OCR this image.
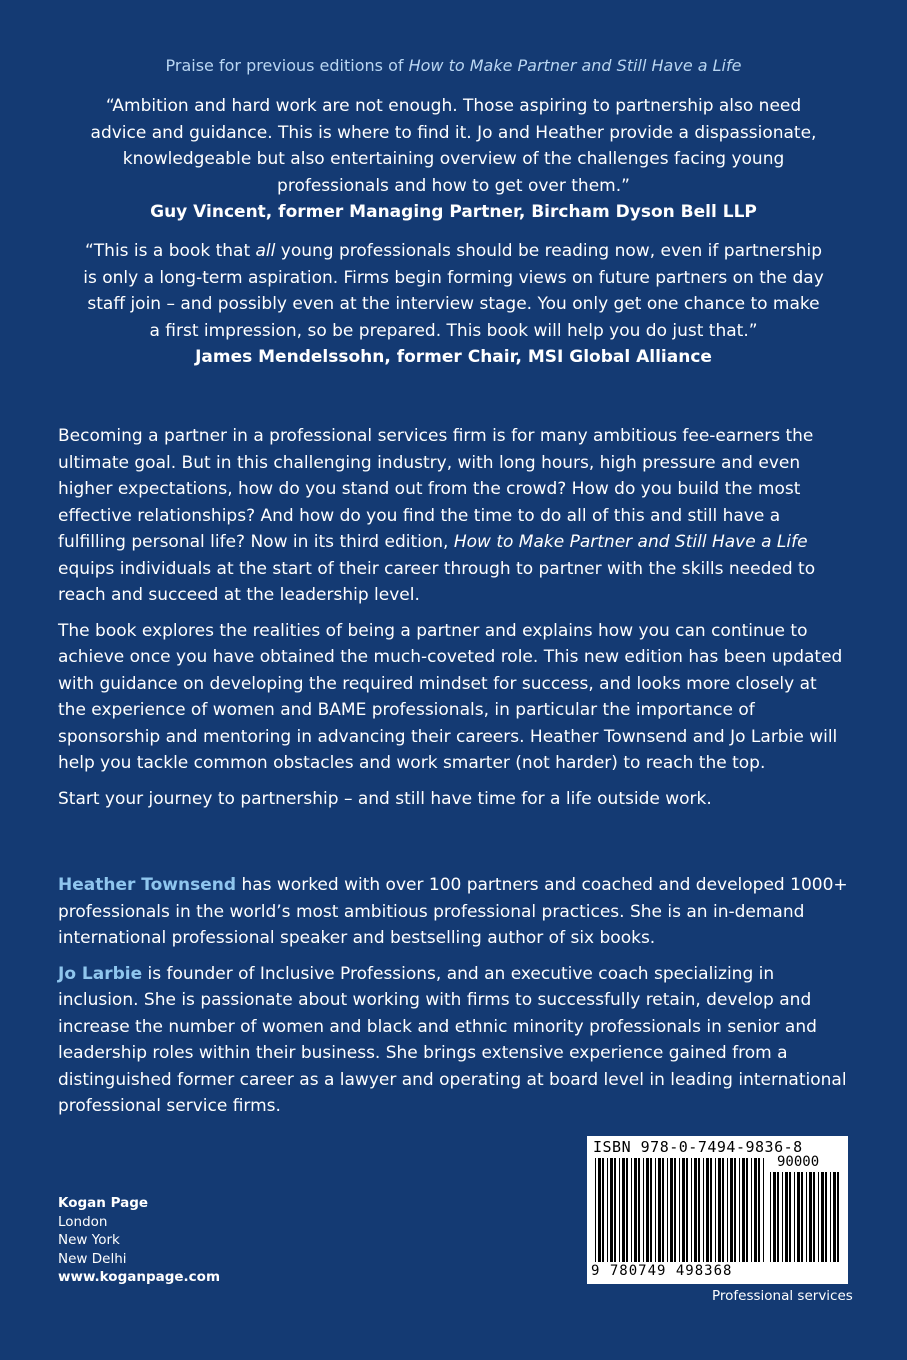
Praise for previous editions of How to Make Partner and Still Have a Life
“Ambition and hard work are not enough. Those aspiring to partnership also need advice and guidance. This is where to find it. Jo and Heather provide a dispassionate, knowledgeable but also entertaining overview of the challenges facing young professionals and how to get over them.”
Guy Vincent, former Managing Partner, Bircham Dyson Bell LLP
“This is a book that all young professionals should be reading now, even if partnership is only a long-term aspiration. Firms begin forming views on future partners on the day staff join – and possibly even at the interview stage. You only get one chance to make a first impression, so be prepared. This book will help you do just that.”
James Mendelssohn, former Chair, MSI Global Alliance

Becoming a partner in a professional services firm is for many ambitious fee-earners the ultimate goal. But in this challenging industry, with long hours, high pressure and even higher expectations, how do you stand out from the crowd? How do you build the most effective relationships? And how do you find the time to do all of this and still have a fulfilling personal life? Now in its third edition, How to Make Partner and Still Have a Life equips individuals at the start of their career through to partner with the skills needed to reach and succeed at the leadership level.

The book explores the realities of being a partner and explains how you can continue to achieve once you have obtained the much-coveted role. This new edition has been updated with guidance on developing the required mindset for success, and looks more closely at the experience of women and BAME professionals, in particular the importance of sponsorship and mentoring in advancing their careers. Heather Townsend and Jo Larbie will help you tackle common obstacles and work smarter (not harder) to reach the top.

Start your journey to partnership – and still have time for a life outside work.

Heather Townsend has worked with over 100 partners and coached and developed 1000+ professionals in the world’s most ambitious professional practices. She is an in-demand international professional speaker and bestselling author of six books.

Jo Larbie is founder of Inclusive Professions, and an executive coach specializing in inclusion. She is passionate about working with firms to successfully retain, develop and increase the number of women and black and ethnic minority professionals in senior and leadership roles within their business. She brings extensive experience gained from a distinguished former career as a lawyer and operating at board level in leading international professional service firms.

Kogan Page
London
New York
New Delhi
www.koganpage.com
ISBN 978-0-7494-9836-8
90000
9 780749 498368
Professional services
